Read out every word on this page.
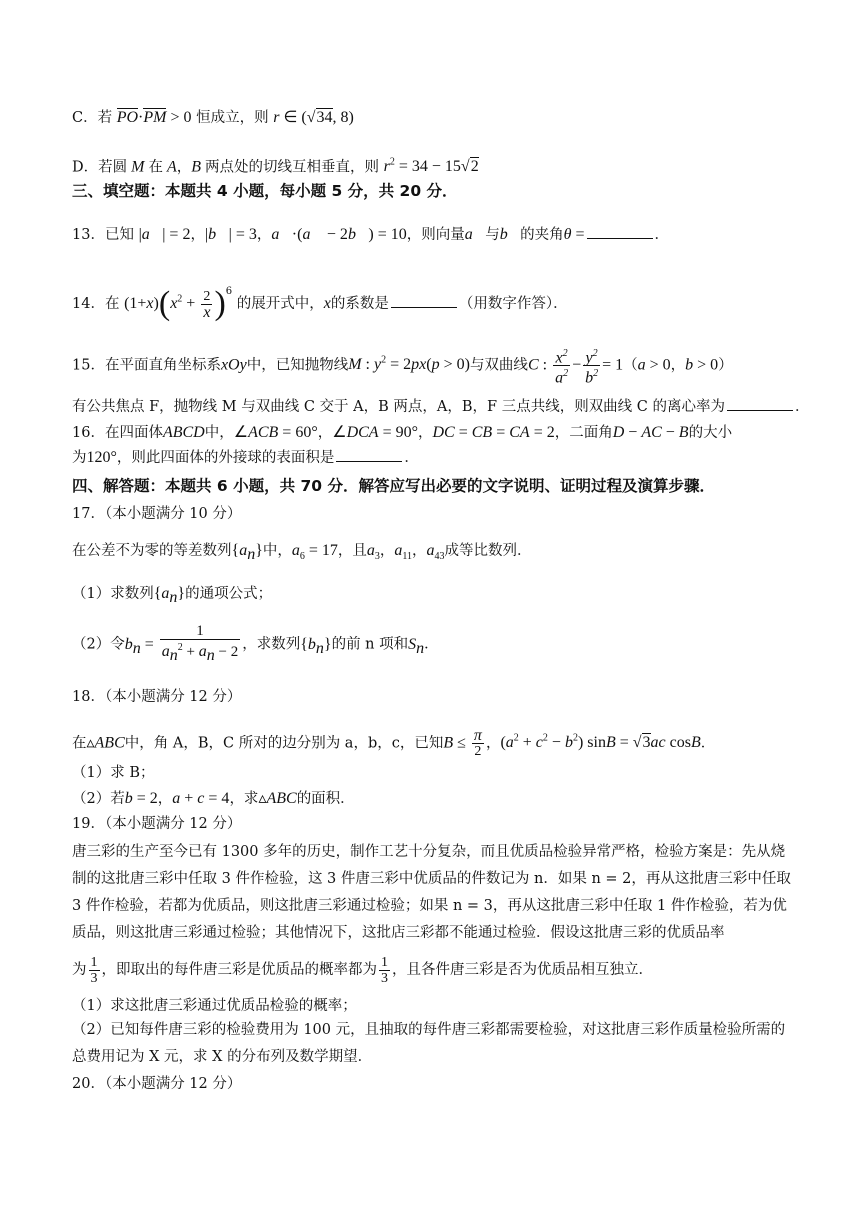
C．若 PO·PM > 0 恒成立，则 r ∈ (√34, 8)
D．若圆 M 在 A，B 两点处的切线互相垂直，则 $r^2 = 34 - 15√2$
三、填空题：本题共 4 小题，每小题 5 分，共 20 分．
13．已知 |a⃗| = 2，|b⃗| = 3，a⃗·(a⃗ − 2b⃗) = 10，则向量a⃗与b⃗的夹角θ =	．
14．在 $(1+x)(x^2 + \frac{2}{x} )^6$ 的展开式中，x的系数是	（用数字作答）．
15．在平面直角坐标系xOy中，已知抛物线M : $y^2 = 2px(p > 0)$与双曲线C : $\frac{x^2}{a^2} - \frac{y^2}{b^2} = 1(a > 0$，b > 0）
有公共焦点 F，抛物线 M 与双曲线 C 交于 A，B 两点，A，B，F 三点共线，则双曲线 C 的离心率为	．
16．在四面体ABCD中，∠ACB = 60°，∠DCA = 90°，DC = CB = CA = 2，二面角D − AC − B的大小
为120°，则此四面体的外接球的表面积是	．
四、解答题：本题共 6 小题，共 70 分．解答应写出必要的文字说明、证明过程及演算步骤．
17．（本小题满分 10 分）
在公差不为零的等差数列$\{a_n\}$中，$a_6 = 17$，且$a_3$，$a_{11}$，$a_{43}$成等比数列．
（1）求数列$\{a_n\}$的通项公式；
（2）令$b_n = \frac{1}{a_n^2 + a_n - 2}$ ，求数列$\{b_n\}$的前 n 项和$S_n$．
18．（本小题满分 12 分）
在▵ABC中，角 A，B，C 所对的边分别为 a，b，c，已知$B \le \frac{\pi}{2}$ ，$(a^2 + c^2 - b^2) \sin B = √3ac$ cosB．
（1）求 B；
（2）若b = 2，a + c = 4，求▵ABC的面积．
19．（本小题满分 12 分）
唐三彩的生产至今已有 1300 多年的历史，制作工艺十分复杂，而且优质品检验异常严格，检验方案是：先从烧制的这批唐三彩中任取 3 件作检验，这 3 件唐三彩中优质品的件数记为 n．如果 n = 2，再从这批唐三彩中任取 3 件作检验，若都为优质品，则这批唐三彩通过检验；如果 n = 3，再从这批唐三彩中任取 1 件作检验，若为优质品，则这批唐三彩通过检验；其他情况下，这批店三彩都不能通过检验．假设这批唐三彩的优质品率
为 $\frac{1}{3}$ ，即取出的每件唐三彩是优质品的概率都为 $\frac{1}{3}$ ，且各件唐三彩是否为优质品相互独立．
（1）求这批唐三彩通过优质品检验的概率；
（2）已知每件唐三彩的检验费用为 100 元，且抽取的每件唐三彩都需要检验，对这批唐三彩作质量检验所需的总费用记为 X 元，求 X 的分布列及数学期望．
20．（本小题满分 12 分）
